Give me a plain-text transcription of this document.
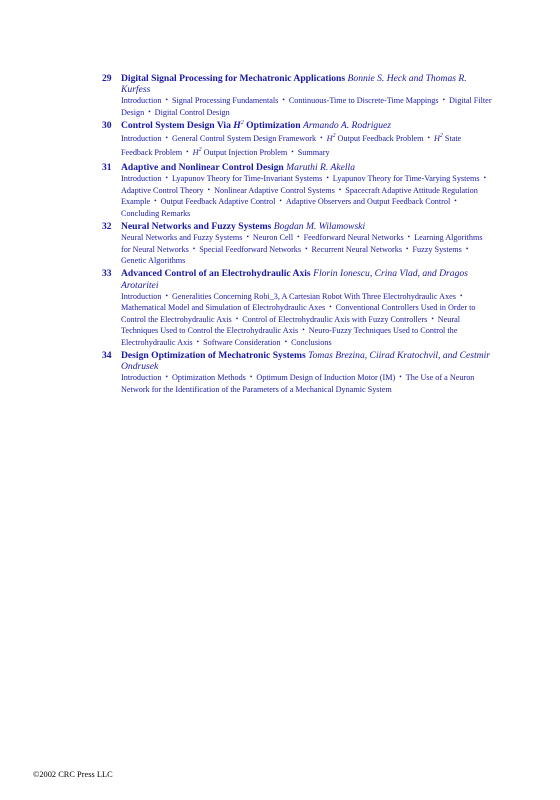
29 Digital Signal Processing for Mechatronic Applications Bonnie S. Heck and Thomas R. Kurfess
Introduction • Signal Processing Fundamentals • Continuous-Time to Discrete-Time Mappings • Digital Filter Design • Digital Control Design
30 Control System Design Via $H^2$ Optimization Armando A. Rodriguez
Introduction • General Control System Design Framework • $H^2$ Output Feedback Problem • $H^2$ State Feedback Problem • $H^2$ Output Injection Problem • Summary
31 Adaptive and Nonlinear Control Design Maruthi R. Akella
Introduction • Lyapunov Theory for Time-Invariant Systems • Lyapunov Theory for Time-Varying Systems •Adaptive Control Theory • Nonlinear Adaptive Control Systems • Spacecraft Adaptive Attitude Regulation Example • Output Feedback Adaptive Control • Adaptive Observers and Output Feedback Control •Concluding Remarks
32 Neural Networks and Fuzzy Systems Bogdan M. Wilamowski
Neural Networks and Fuzzy Systems • Neuron Cell • Feedforward Neural Networks • Learning Algorithms for Neural Networks • Special Feedforward Networks • Recurrent Neural Networks • Fuzzy Systems •Genetic Algorithms
33 Advanced Control of an Electrohydraulic Axis Florin Ionescu, Crina Vlad, and Dragos Arotaritei
Introduction • Generalities Concerning Robi_3, A Cartesian Robot With Three Electrohydraulic Axes •Mathematical Model and Simulation of Electrohydraulic Axes • Conventional Controllers Used in Order to Control the Electrohydraulic Axis • Control of Electrohydraulic Axis with Fuzzy Controllers • Neural Techniques Used to Control the Electrohydraulic Axis • Neuro-Fuzzy Techniques Used to Control the Electrohydraulic Axis • Software Consideration • Conclusions
34 Design Optimization of Mechatronic Systems Tomas Brezina, Ciirad Kratochvil, and Cestmir Ondrusek
Introduction • Optimization Methods • Optimum Design of Induction Motor (IM) • The Use of a Neuron Network for the Identification of the Parameters of a Mechanical Dynamic System
©2002 CRC Press LLC
